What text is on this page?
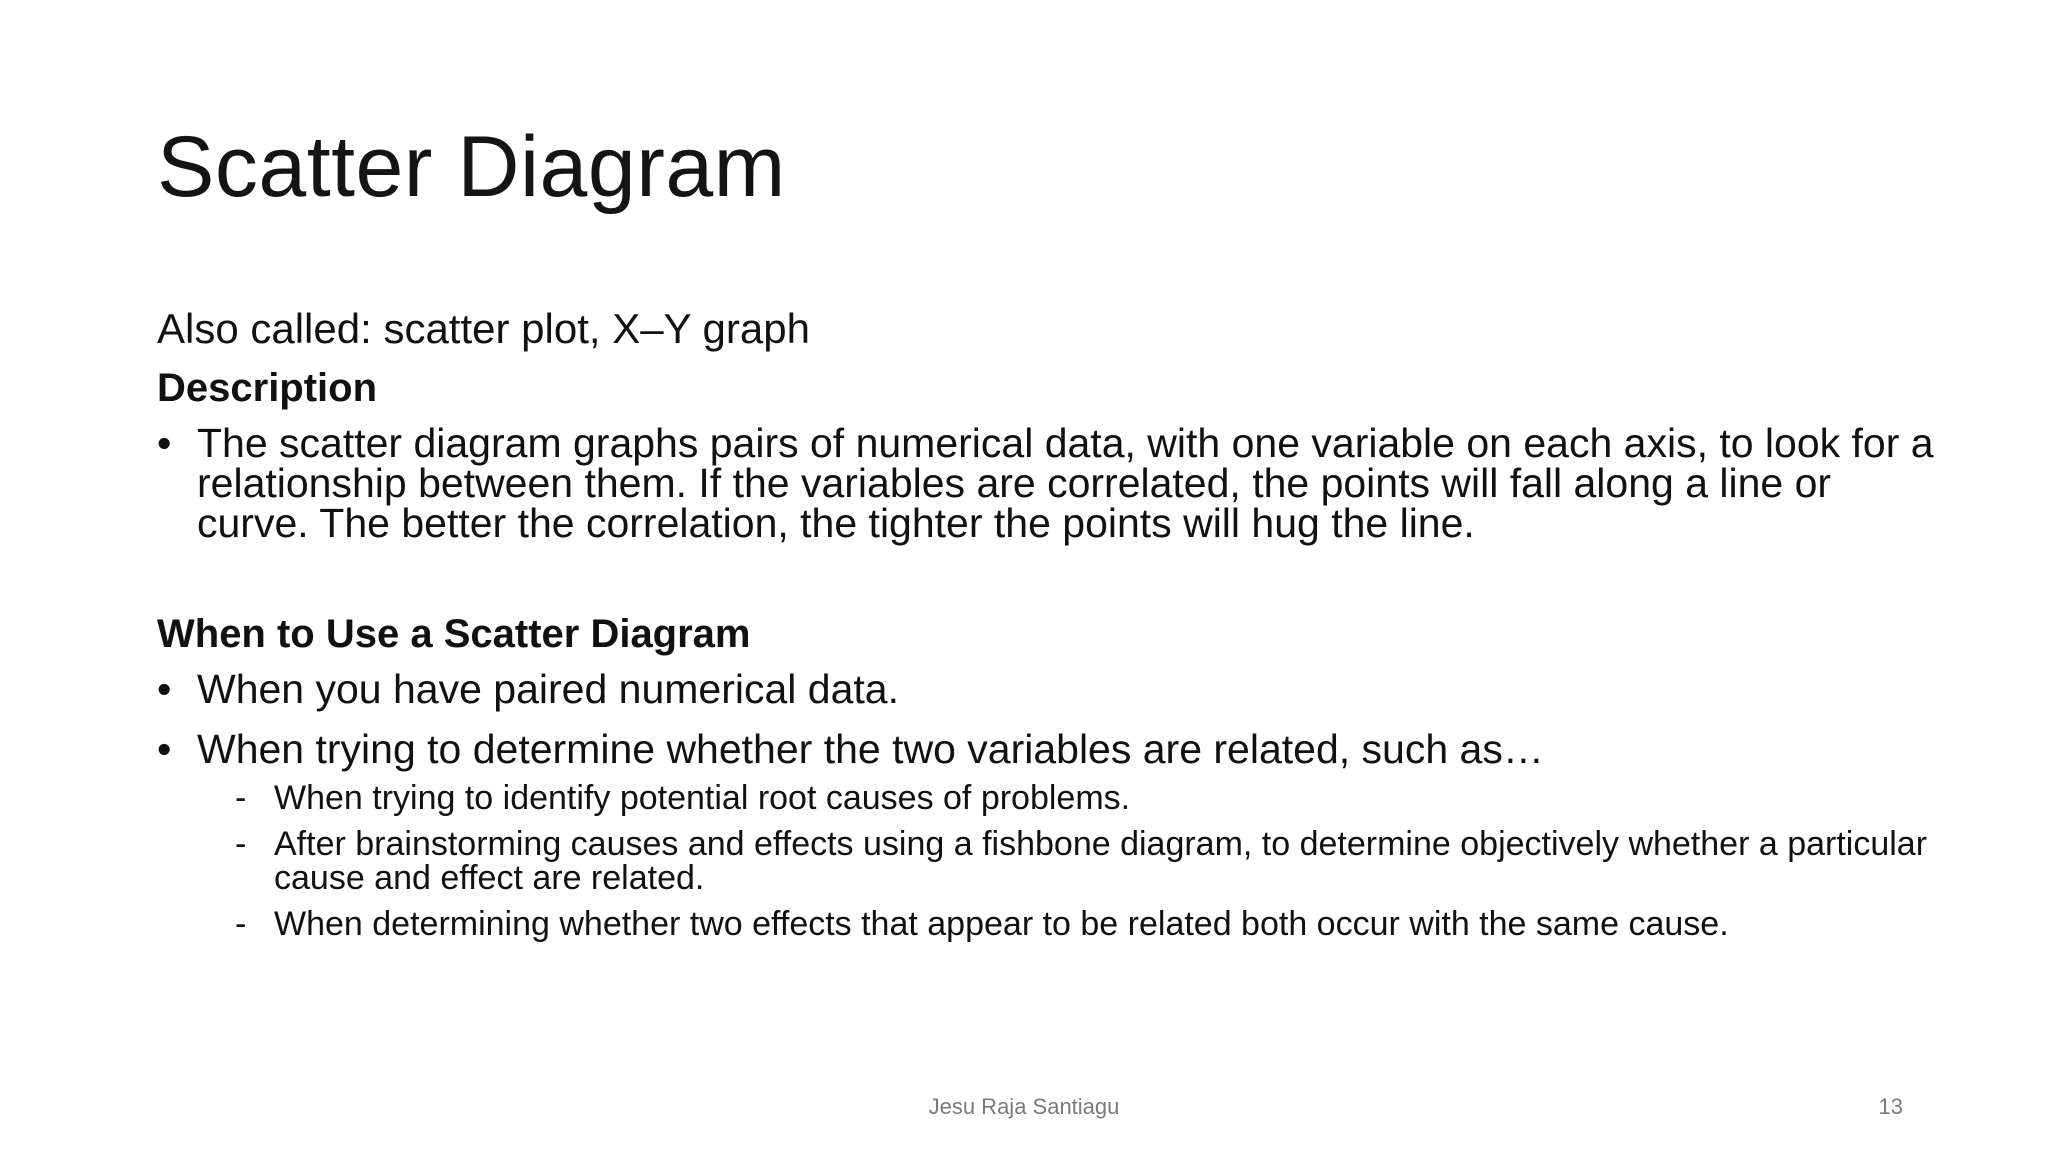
Scatter Diagram
Also called: scatter plot, X–Y graph
Description
• The scatter diagram graphs pairs of numerical data, with one variable on each axis, to look for a relationship between them. If the variables are correlated, the points will fall along a line or curve. The better the correlation, the tighter the points will hug the line.
When to Use a Scatter Diagram
• When you have paired numerical data.
• When trying to determine whether the two variables are related, such as…
- When trying to identify potential root causes of problems.
- After brainstorming causes and effects using a fishbone diagram, to determine objectively whether a particular cause and effect are related.
- When determining whether two effects that appear to be related both occur with the same cause.
Jesu Raja Santiagu	13
